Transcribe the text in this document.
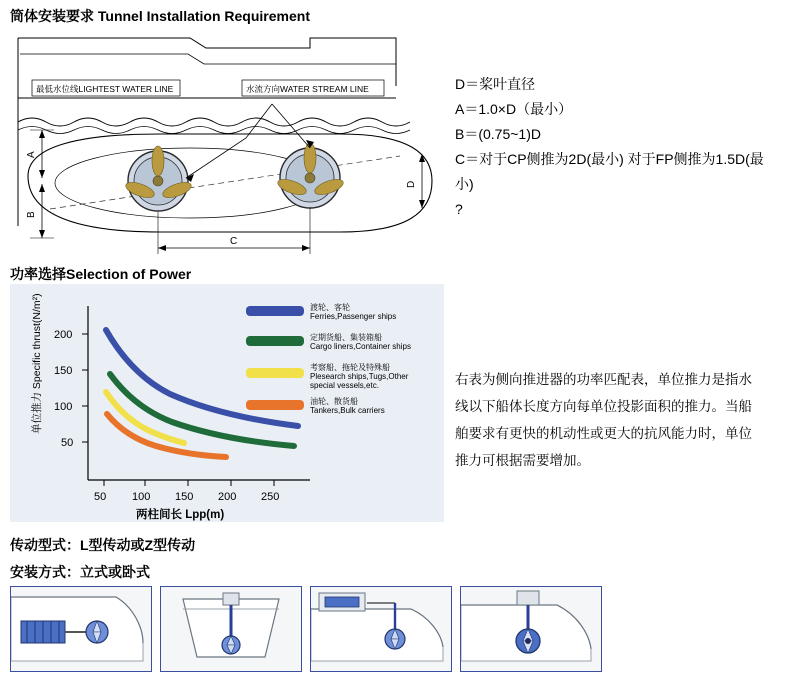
筒体安装要求 Tunnel Installation Requirement
最低水位线LIGHTEST WATER LINE	水流方向WATER STREAM LINE
A
B
D
C
D＝桨叶直径
A＝1.0×D（最小）
B＝(0.75~1)D
C＝对于CP侧推为2D(最小) 对于FP侧推为1.5D(最小)
?
功率选择Selection of Power
200
150
100
50
50 100 150 200 250
单位推力 Specific thrust(N/m²)
两柱间长 Lpp(m)
渡轮、客轮
Ferries,Passenger ships
定期货船、集装箱船
Cargo liners,Container ships
考察船、拖轮及特殊船
Plesearch ships,Tugs,Other
special vessels,etc.
油轮、散货船
Tankers,Bulk carriers
右表为侧向推进器的功率匹配表，单位推力是指水线以下船体长度方向每单位投影面积的推力。当船舶要求有更快的机动性或更大的抗风能力时，单位推力可根据需要增加。
传动型式：L型传动或Z型传动
安装方式：立式或卧式
